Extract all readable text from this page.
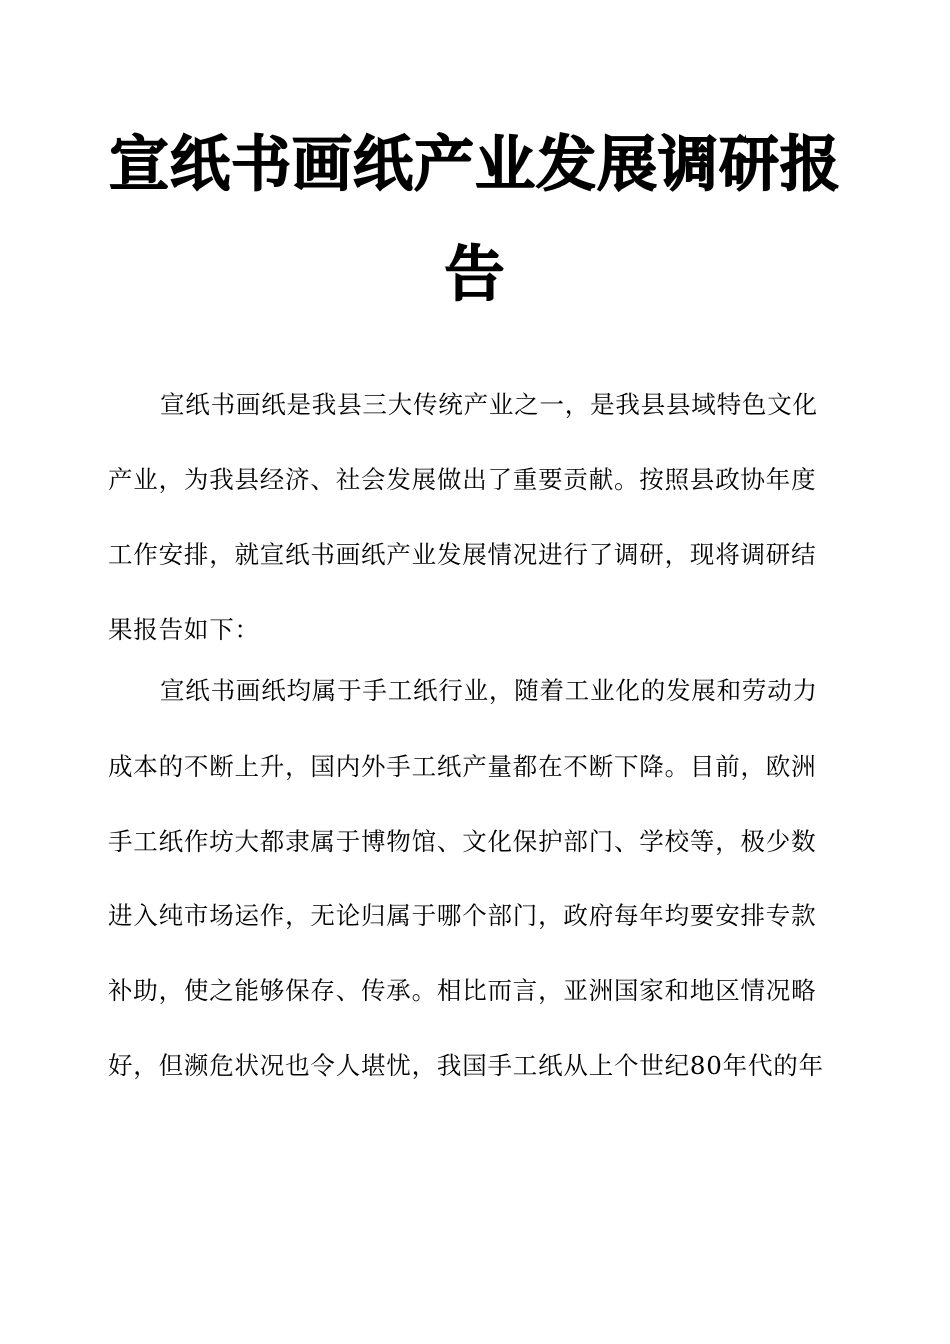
宣纸书画纸产业发展调研报
告
宣纸书画纸是我县三大传统产业之一，是我县县域特色文化
产业，为我县经济、社会发展做出了重要贡献。按照县政协年度
工作安排，就宣纸书画纸产业发展情况进行了调研，现将调研结
果报告如下：
宣纸书画纸均属于手工纸行业，随着工业化的发展和劳动力
成本的不断上升，国内外手工纸产量都在不断下降。目前，欧洲
手工纸作坊大都隶属于博物馆、文化保护部门、学校等，极少数
进入纯市场运作，无论归属于哪个部门，政府每年均要安排专款
补助，使之能够保存、传承。相比而言，亚洲国家和地区情况略
好，但濒危状况也令人堪忧，我国手工纸从上个世纪80年代的年
